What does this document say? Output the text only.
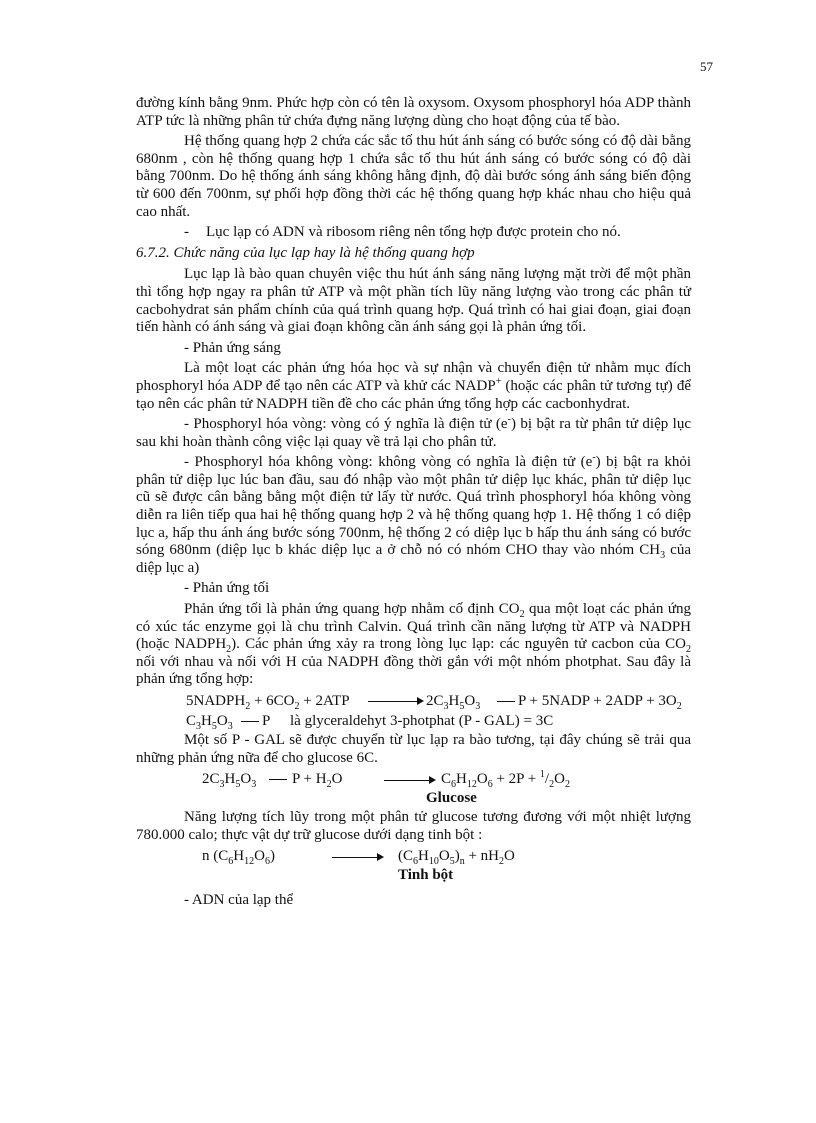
57

đường kính bằng 9nm. Phức hợp còn có tên là oxysom. Oxysom phosphoryl hóa ADP thành ATP tức là những phân tử chứa đựng năng lượng dùng cho hoạt động của tế bào.

Hệ thống quang hợp 2 chứa các sắc tố thu hút ánh sáng có bước sóng có độ dài bằng 680nm , còn hệ thống quang hợp 1 chứa sắc tố thu hút ánh sáng có bước sóng có độ dài bằng 700nm. Do hệ thống ánh sáng không hằng định, độ dài bước sóng ánh sáng biến động từ 600 đến 700nm, sự phối hợp đồng thời các hệ thống quang hợp khác nhau cho hiệu quả cao nhất.

- Lục lạp có ADN và ribosom riêng nên tổng hợp được protein cho nó.

6.7.2. Chức năng của lục lạp hay là hệ thống quang hợp

Lục lạp là bào quan chuyên việc thu hút ánh sáng năng lượng mặt trời để một phần thì tổng hợp ngay ra phân tử ATP và một phần tích lũy năng lượng vào trong các phân tử cacbohydrat sản phẩm chính của quá trình quang hợp. Quá trình có hai giai đoạn, giai đoạn tiến hành có ánh sáng và giai đoạn không cần ánh sáng gọi là phản ứng tối.

- Phản ứng sáng

Là một loạt các phản ứng hóa học và sự nhận và chuyển điện tử nhằm mục đích phosphoryl hóa ADP để tạo nên các ATP và khử các NADP+ (hoặc các phân tử tương tự) để tạo nên các phân tử NADPH tiền đề cho các phản ứng tổng hợp các cacbonhydrat.

- Phosphoryl hóa vòng: vòng có ý nghĩa là điện tử (e-) bị bật ra từ phân tử diệp lục sau khi hoàn thành công việc lại quay về trả lại cho phân tử.

- Phosphoryl hóa không vòng: không vòng có nghĩa là điện tử (e-) bị bật ra khỏi phân tử diệp lục lúc ban đầu, sau đó nhập vào một phân tử diệp lục khác, phân tử diệp lục cũ sẽ được cân bằng bằng một điện tử lấy từ nước. Quá trình phosphoryl hóa không vòng diễn ra liên tiếp qua hai hệ thống quang hợp 2 và hệ thống quang hợp 1. Hệ thống 1 có diệp lục a, hấp thu ánh áng bước sóng 700nm, hệ thống 2 có diệp lục b hấp thu ánh sáng có bước sóng 680nm (diệp lục b khác diệp lục a ở chỗ nó có nhóm CHO thay vào nhóm $CH_3$ của diệp lục a)

- Phản ứng tối

Phản ứng tối là phản ứng quang hợp nhằm cố định $CO_2$ qua một loạt các phản ứng có xúc tác enzyme gọi là chu trình Calvin. Quá trình cần năng lượng từ ATP và NADPH (hoặc $NADPH_2$). Các phản ứng xảy ra trong lòng lục lạp: các nguyên tử cacbon của $CO_2$ nối với nhau và nối với H của NADPH đồng thời gắn với một nhóm photphat. Sau đây là phản ứng tổng hợp:

$5NADPH_2 + 6CO_2 + 2ATP$	$2C_3H_5O_3$	P + 5NADP + $2ADP + 3O_2$
$C_3H_5O_3$ P là glyceraldehyt 3-photphat (P - GAL) = 3C

Một số P - GAL sẽ được chuyển từ lục lạp ra bào tương, tại đây chúng sẽ trải qua những phản ứng nữa để cho glucose 6C.

$2C_3H_5O_3$ $P + H_2O$	$C_6H_{12}O_6 + 2P + ^1/_2O_2$
Glucose

Năng lượng tích lũy trong một phân tử glucose tương đương với một nhiệt lượng 780.000 calo; thực vật dự trữ glucose dưới dạng tinh bột :

n $(C_6H_{12}O_6)$	$(C_6H_{10}O_5)_n + nH_2O$
Tinh bột

- ADN của lạp thể
